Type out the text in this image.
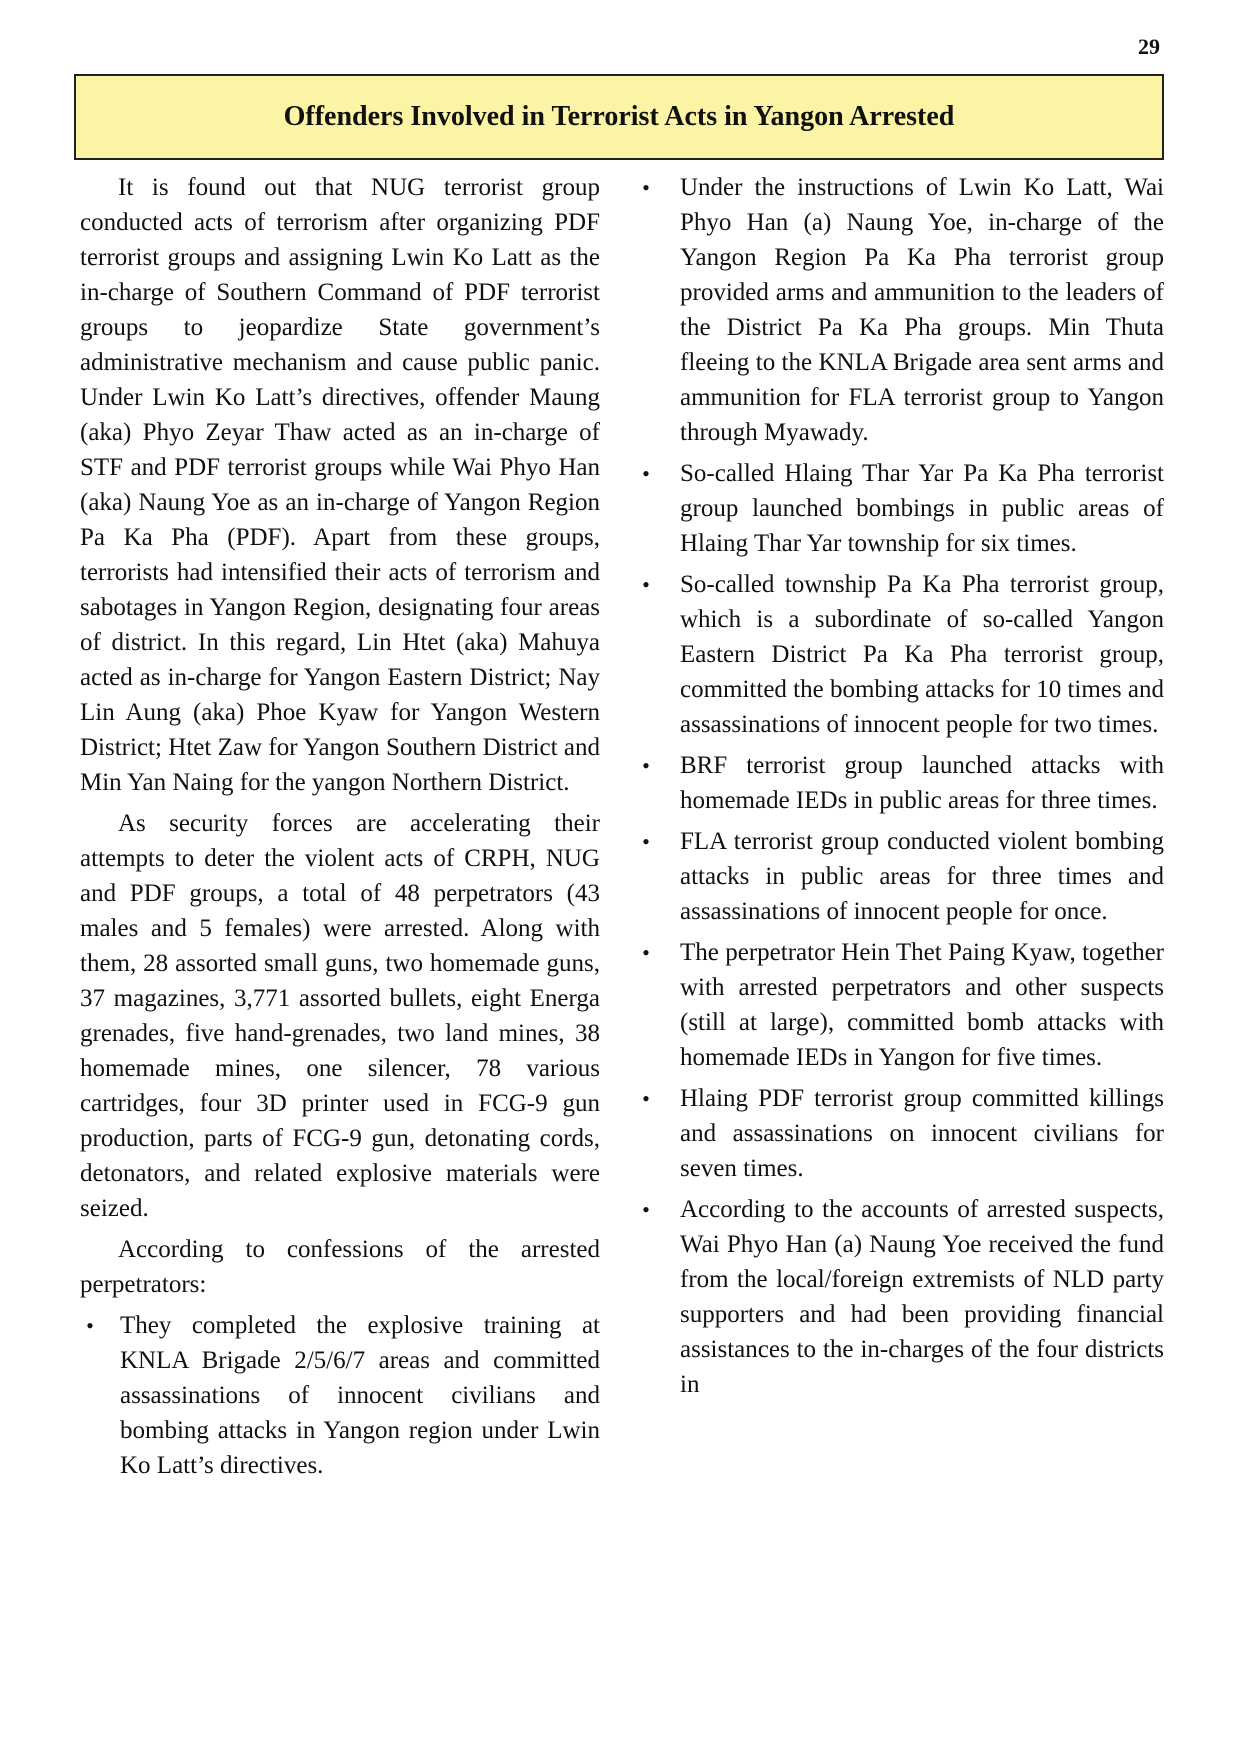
29
Offenders Involved in Terrorist Acts in Yangon Arrested

It is found out that NUG terrorist group conducted acts of terrorism after organizing PDF terrorist groups and assigning Lwin Ko Latt as the in-charge of Southern Command of PDF terrorist groups to jeopardize State government’s administrative mechanism and cause public panic. Under Lwin Ko Latt’s directives, offender Maung (aka) Phyo Zeyar Thaw acted as an in-charge of STF and PDF terrorist groups while Wai Phyo Han (aka) Naung Yoe as an in-charge of Yangon Region Pa Ka Pha (PDF). Apart from these groups, terrorists had intensified their acts of terrorism and sabotages in Yangon Region, designating four areas of district. In this regard, Lin Htet (aka) Mahuya acted as in-charge for Yangon Eastern District; Nay Lin Aung (aka) Phoe Kyaw for Yangon Western District; Htet Zaw for Yangon Southern District and Min Yan Naing for the yangon Northern District.

As security forces are accelerating their attempts to deter the violent acts of CRPH, NUG and PDF groups, a total of 48 perpetrators (43 males and 5 females) were arrested. Along with them, 28 assorted small guns, two homemade guns, 37 magazines, 3,771 assorted bullets, eight Energa grenades, five hand-grenades, two land mines, 38 homemade mines, one silencer, 78 various cartridges, four 3D printer used in FCG-9 gun production, parts of FCG-9 gun, detonating cords, detonators, and related explosive materials were seized.

According to confessions of the arrested perpetrators:

• They completed the explosive training at KNLA Brigade 2/5/6/7 areas and committed assassinations of innocent civilians and bombing attacks in Yangon region under Lwin Ko Latt’s directives.
• Under the instructions of Lwin Ko Latt, Wai Phyo Han (a) Naung Yoe, in-charge of the Yangon Region Pa Ka Pha terrorist group provided arms and ammunition to the leaders of the District Pa Ka Pha groups. Min Thuta fleeing to the KNLA Brigade area sent arms and ammunition for FLA terrorist group to Yangon through Myawady.
• So-called Hlaing Thar Yar Pa Ka Pha terrorist group launched bombings in public areas of Hlaing Thar Yar township for six times.
• So-called township Pa Ka Pha terrorist group, which is a subordinate of so-called Yangon Eastern District Pa Ka Pha terrorist group, committed the bombing attacks for 10 times and assassinations of innocent people for two times.
• BRF terrorist group launched attacks with homemade IEDs in public areas for three times.
• FLA terrorist group conducted violent bombing attacks in public areas for three times and assassinations of innocent people for once.
• The perpetrator Hein Thet Paing Kyaw, together with arrested perpetrators and other suspects (still at large), committed bomb attacks with homemade IEDs in Yangon for five times.
• Hlaing PDF terrorist group committed killings and assassinations on innocent civilians for seven times.
• According to the accounts of arrested suspects, Wai Phyo Han (a) Naung Yoe received the fund from the local/foreign extremists of NLD party supporters and had been providing financial assistances to the in-charges of the four districts in
